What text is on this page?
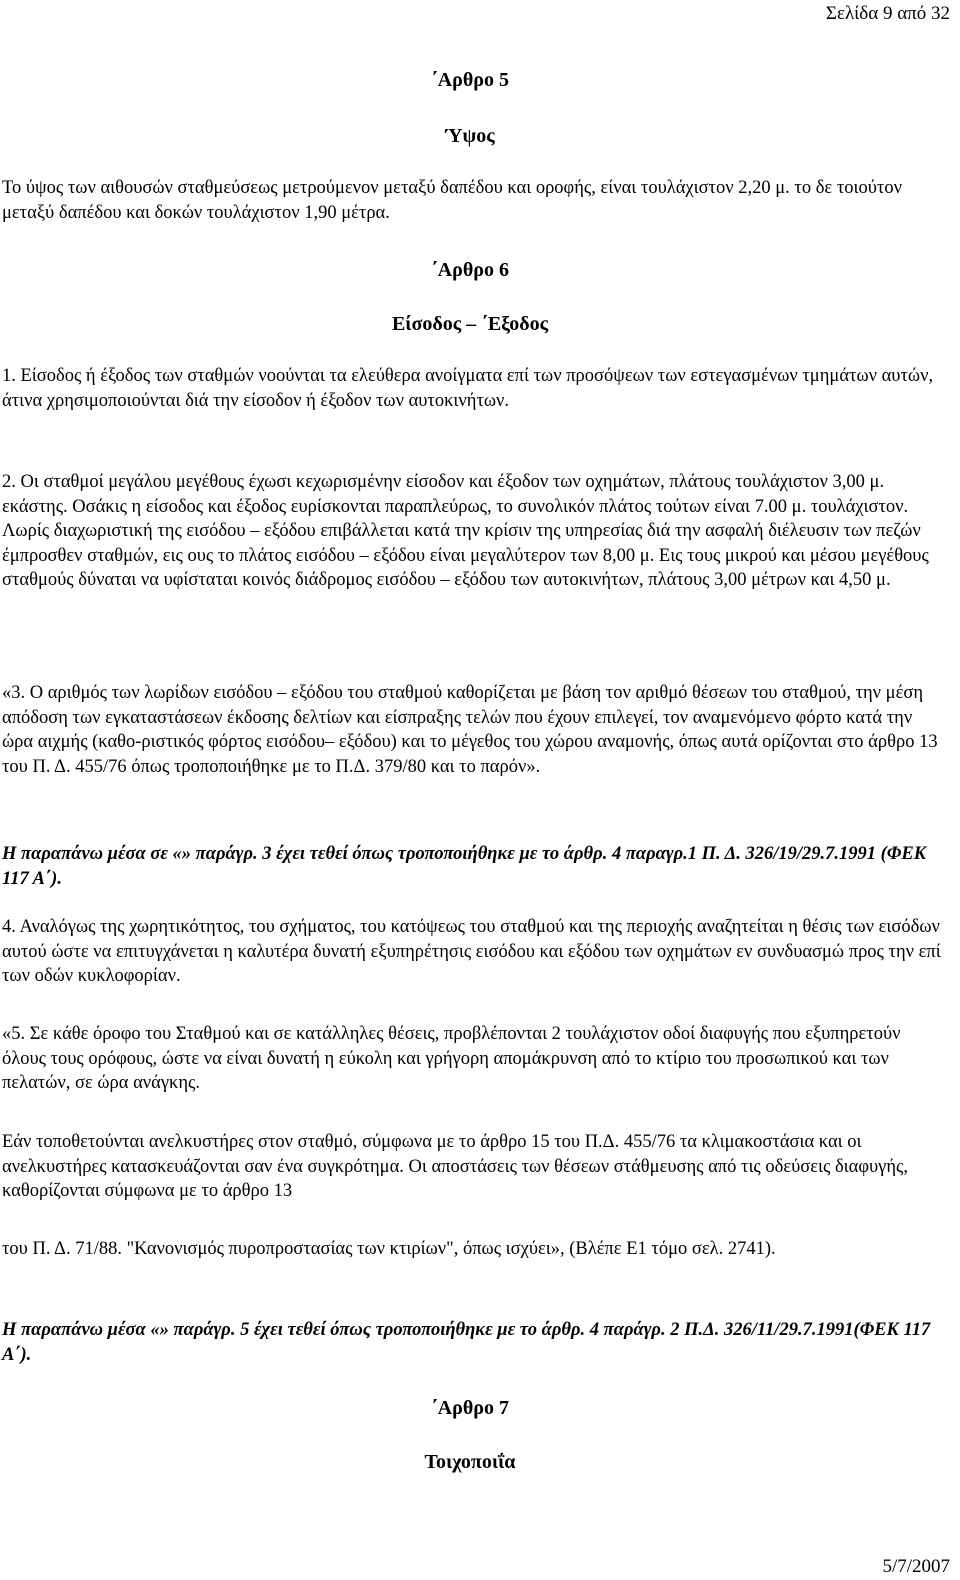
Σελίδα 9 από 32
΄Αρθρο 5
Ύψος

Το ύψος των αιθουσών σταθμεύσεως μετρούμενον μεταξύ δαπέδου και οροφής, είναι τουλάχιστον 2,20 μ. το δε τοιούτον μεταξύ δαπέδου και δοκών τουλάχιστον 1,90 μέτρα.

΄Αρθρο 6
Είσοδος – ΄Εξοδος

1. Είσοδος ή έξοδος των σταθμών νοούνται τα ελεύθερα ανοίγματα επί των προσόψεων των εστεγασμένων τμημάτων αυτών, άτινα χρησιμοποιούνται διά την είσοδον ή έξοδον των αυτοκινήτων.

2. Οι σταθμοί μεγάλου μεγέθους έχωσι κεχωρισμένην είσοδον και έξοδον των οχημάτων, πλάτους τουλάχιστον 3,00 μ. εκάστης. Οσάκις η είσοδος και έξοδος ευρίσκονται παραπλεύρως, το συνολικόν πλάτος τούτων είναι 7.00 μ. τουλάχιστον. Λωρίς διαχωριστική της εισόδου – εξόδου επιβάλλεται κατά την κρίσιν της υπηρεσίας διά την ασφαλή διέλευσιν των πεζών έμπροσθεν σταθμών, εις ους το πλάτος εισόδου – εξόδου είναι μεγαλύτερον των 8,00 μ. Εις τους μικρού και μέσου μεγέθους σταθμούς δύναται να υφίσταται κοινός διάδρομος εισόδου – εξόδου των αυτοκινήτων, πλάτους 3,00 μέτρων και 4,50 μ.

«3. Ο αριθμός των λωρίδων εισόδου – εξόδου του σταθμού καθορίζεται με βάση τον αριθμό θέσεων του σταθμού, την μέση απόδοση των εγκαταστάσεων έκδοσης δελτίων και είσπραξης τελών που έχουν επιλεγεί, τον αναμενόμενο φόρτο κατά την ώρα αιχμής (καθο-ριστικός φόρτος εισόδου– εξόδου) και το μέγεθος του χώρου αναμονής, όπως αυτά ορίζονται στο άρθρο 13 του Π. Δ. 455/76 όπως τροποποιήθηκε με το Π.Δ. 379/80 και το παρόν».

Η παραπάνω μέσα σε «» παράγρ. 3 έχει τεθεί όπως τροποποιήθηκε με το άρθρ. 4 παραγρ.1 Π. Δ. 326/19/29.7.1991 (ΦΕΚ 117 Α΄).

4. Αναλόγως της χωρητικότητος, του σχήματος, του κατόψεως του σταθμού και της περιοχής αναζητείται η θέσις των εισόδων αυτού ώστε να επιτυγχάνεται η καλυτέρα δυνατή εξυπηρέτησις εισόδου και εξόδου των οχημάτων εν συνδυασμώ προς την επί των οδών κυκλοφορίαν.

«5. Σε κάθε όροφο του Σταθμού και σε κατάλληλες θέσεις, προβλέπονται 2 τουλάχιστον οδοί διαφυγής που εξυπηρετούν όλους τους ορόφους, ώστε να είναι δυνατή η εύκολη και γρήγορη απομάκρυνση από το κτίριο του προσωπικού και των πελατών, σε ώρα ανάγκης.

Εάν τοποθετούνται ανελκυστήρες στον σταθμό, σύμφωνα με το άρθρο 15 του Π.Δ. 455/76 τα κλιμακοστάσια και οι ανελκυστήρες κατασκευάζονται σαν ένα συγκρότημα. Οι αποστάσεις των θέσεων στάθμευσης από τις οδεύσεις διαφυγής, καθορίζονται σύμφωνα με το άρθρο 13

του Π. Δ. 71/88. "Κανονισμός πυροπροστασίας των κτιρίων", όπως ισχύει», (Βλέπε Ε1 τόμο σελ. 2741).

Η παραπάνω μέσα «» παράγρ. 5 έχει τεθεί όπως τροποποιήθηκε με το άρθρ. 4 παράγρ. 2 Π.Δ. 326/11/29.7.1991(ΦΕΚ 117 Α΄).

΄Αρθρο 7
Τοιχοποιΐα
5/7/2007
